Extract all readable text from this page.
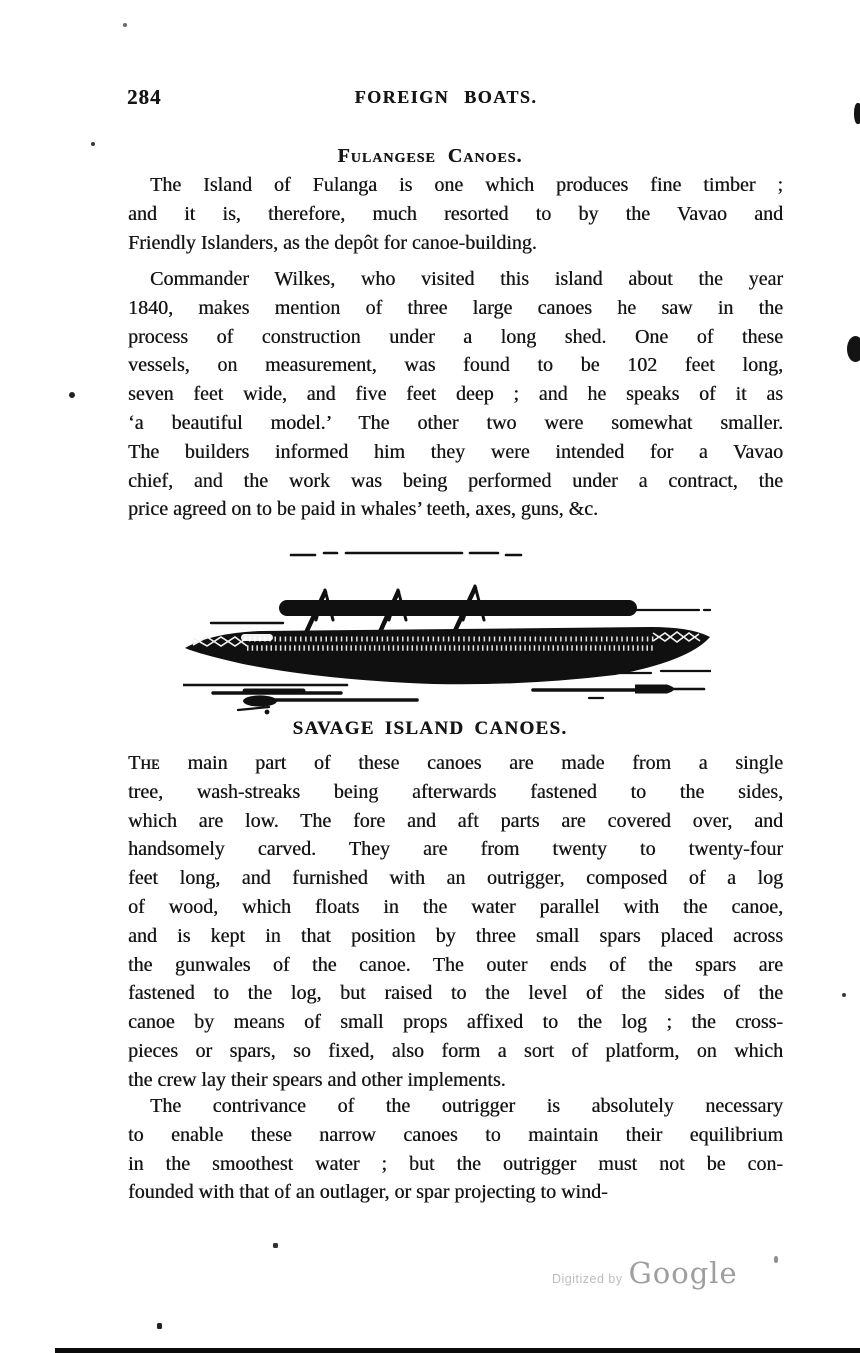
284	FOREIGN BOATS.
Fulangese Canoes.
The Island of Fulanga is one which produces fine timber ;
and it is, therefore, much resorted to by the Vavao and
Friendly Islanders, as the depôt for canoe-building.
Commander Wilkes, who visited this island about the year
1840, makes mention of three large canoes he saw in the
process of construction under a long shed. One of these
vessels, on measurement, was found to be 102 feet long,
seven feet wide, and five feet deep ; and he speaks of it as
‘a beautiful model.’ The other two were somewhat smaller.
The builders informed him they were intended for a Vavao
chief, and the work was being performed under a contract, the
price agreed on to be paid in whales’ teeth, axes, guns, &c.
SAVAGE ISLAND CANOES.
Tʜᴇ main part of these canoes are made from a single
tree, wash-streaks being afterwards fastened to the sides,
which are low. The fore and aft parts are covered over, and
handsomely carved. They are from twenty to twenty-four
feet long, and furnished with an outrigger, composed of a log
of wood, which floats in the water parallel with the canoe,
and is kept in that position by three small spars placed across
the gunwales of the canoe. The outer ends of the spars are
fastened to the log, but raised to the level of the sides of the
canoe by means of small props affixed to the log ; the cross-
pieces or spars, so fixed, also form a sort of platform, on which
the crew lay their spears and other implements.
The contrivance of the outrigger is absolutely necessary
to enable these narrow canoes to maintain their equilibrium
in the smoothest water ; but the outrigger must not be con-
founded with that of an outlager, or spar projecting to wind-
Digitized by Google
